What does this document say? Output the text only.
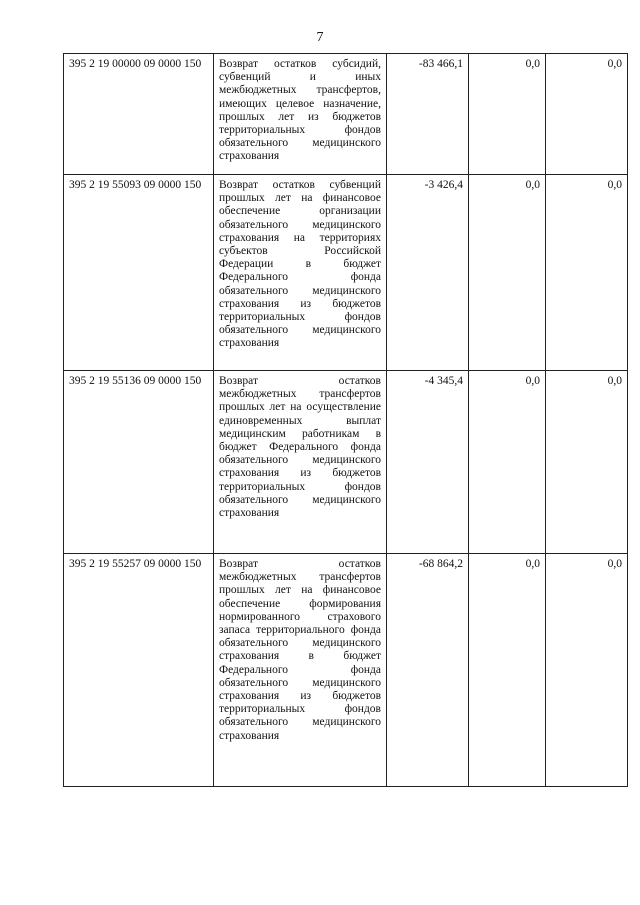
7
395 2 19 00000 09 0000 150	Возврат остатков субсидий, субвенций и иных межбюджетных трансфертов, имеющих целевое назначение, прошлых лет из бюджетов территориальных фондов обязательного медицинского страхования	-83 466,1	0,0	0,0
395 2 19 55093 09 0000 150	Возврат остатков субвенций прошлых лет на финансовое обеспечение организации обязательного медицинского страхования на территориях субъектов Российской Федерации в бюджет Федерального фонда обязательного медицинского страхования из бюджетов территориальных фондов обязательного медицинского страхования	-3 426,4	0,0	0,0
395 2 19 55136 09 0000 150	Возврат остатков межбюджетных трансфертов прошлых лет на осуществление единовременных выплат медицинским работникам в бюджет Федерального фонда обязательного медицинского страхования из бюджетов территориальных фондов обязательного медицинского страхования	-4 345,4	0,0	0,0
395 2 19 55257 09 0000 150	Возврат остатков межбюджетных трансфертов прошлых лет на финансовое обеспечение формирования нормированного страхового запаса территориального фонда обязательного медицинского страхования в бюджет Федерального фонда обязательного медицинского страхования из бюджетов территориальных фондов обязательного медицинского страхования	-68 864,2	0,0	0,0
